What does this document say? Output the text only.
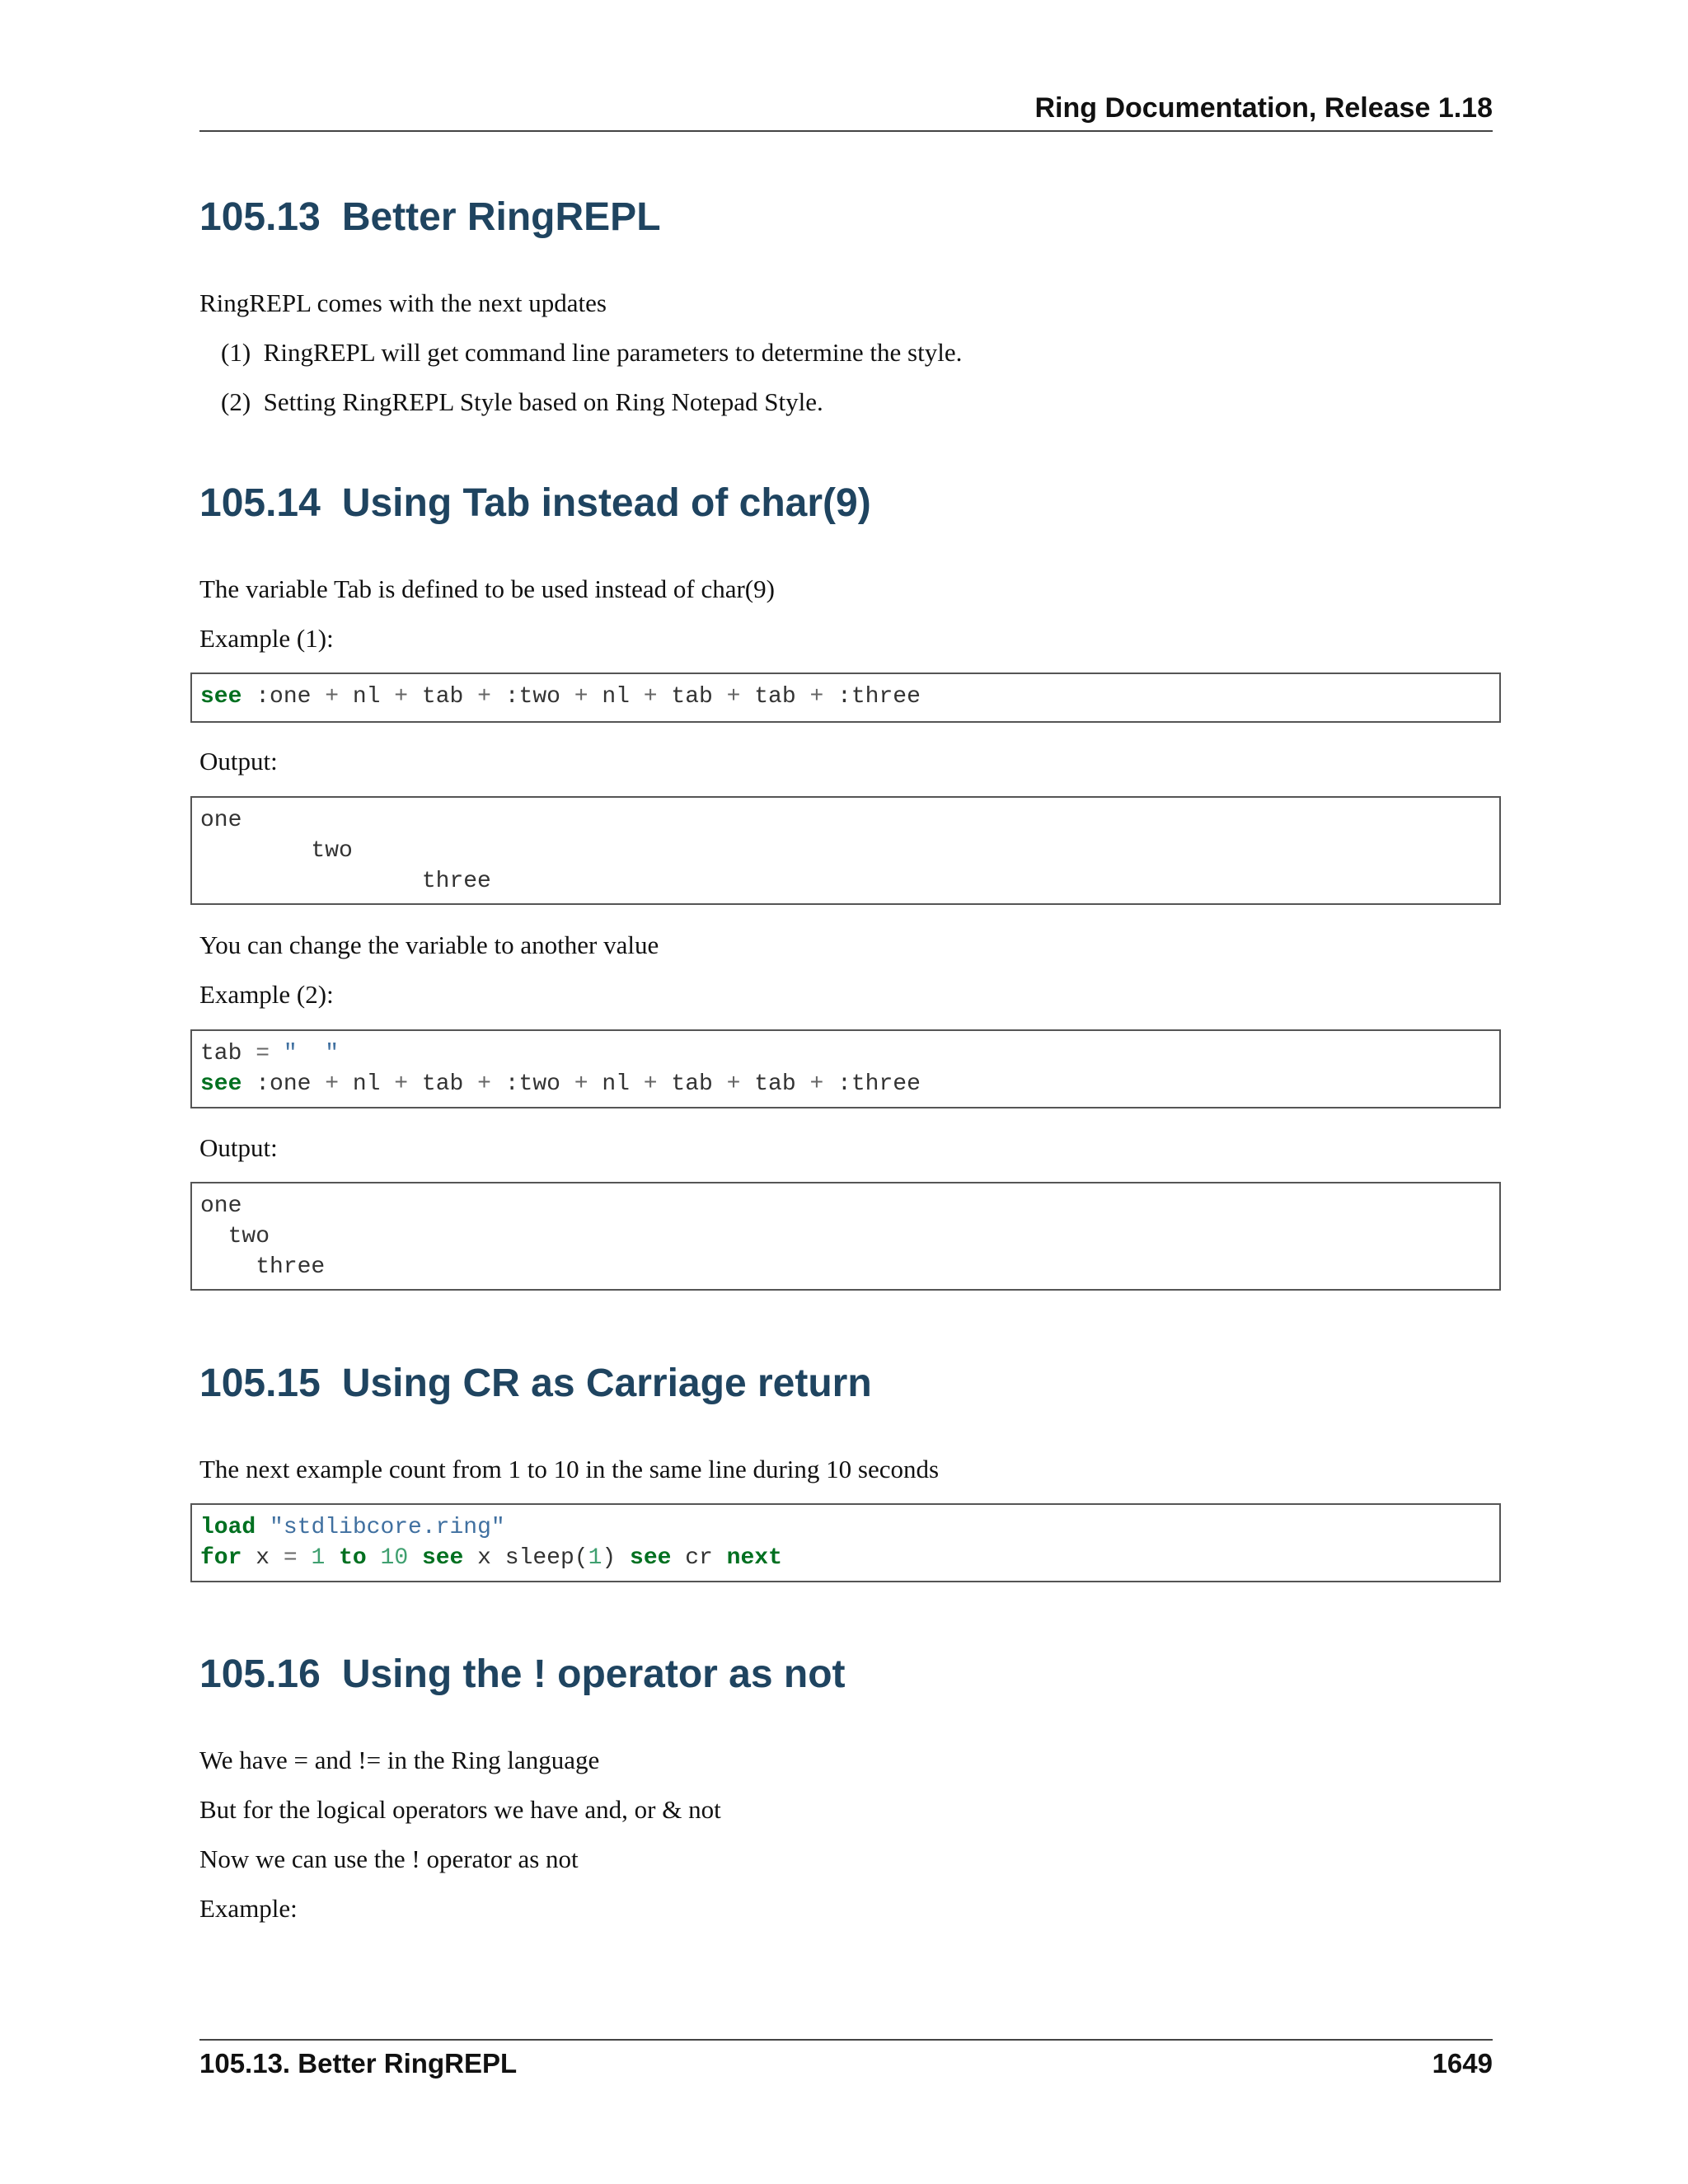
Ring Documentation, Release 1.18
105.13 Better RingREPL

RingREPL comes with the next updates

(1) RingREPL will get command line parameters to determine the style.

(2) Setting RingREPL Style based on Ring Notepad Style.

105.14 Using Tab instead of char(9)

The variable Tab is defined to be used instead of char(9)

Example (1):

see :one + nl + tab + :two + nl + tab + tab + :three

Output:

one
two
three

You can change the variable to another value

Example (2):

tab = "  "
see :one + nl + tab + :two + nl + tab + tab + :three

Output:

one
two
three
105.15 Using CR as Carriage return

The next example count from 1 to 10 in the same line during 10 seconds

load "stdlibcore.ring"
for x = 1 to 10 see x sleep(1) see cr next
105.16 Using the ! operator as not

We have = and != in the Ring language

But for the logical operators we have and, or & not

Now we can use the ! operator as not

Example:

105.13. Better RingREPL	1649
